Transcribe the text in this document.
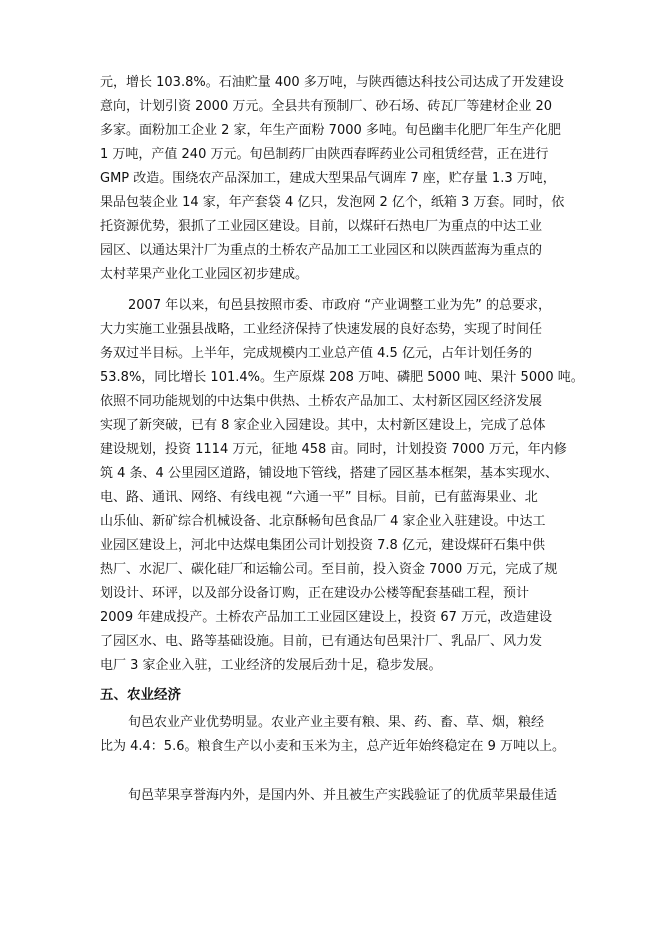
元，增长 103.8%。石油贮量 400 多万吨，与陕西德达科技公司达成了开发建设
意向，计划引资 2000 万元。全县共有预制厂、砂石场、砖瓦厂等建材企业 20
多家。面粉加工企业 2 家，年生产面粉 7000 多吨。旬邑幽丰化肥厂年生产化肥
1 万吨，产值 240 万元。旬邑制药厂由陕西春晖药业公司租赁经营，正在进行
GMP 改造。围绕农产品深加工，建成大型果品气调库 7 座，贮存量 1.3 万吨，
果品包装企业 14 家，年产套袋 4 亿只，发泡网 2 亿个，纸箱 3 万套。同时，依
托资源优势，狠抓了工业园区建设。目前，以煤矸石热电厂为重点的中达工业
园区、以通达果汁厂为重点的土桥农产品加工工业园区和以陕西蓝海为重点的
太村苹果产业化工业园区初步建成。
2007 年以来，旬邑县按照市委、市政府 “产业调整工业为先” 的总要求，
大力实施工业强县战略，工业经济保持了快速发展的良好态势，实现了时间任
务双过半目标。上半年，完成规模内工业总产值 4.5 亿元，占年计划任务的
53.8%，同比增长 101.4%。生产原煤 208 万吨、磷肥 5000 吨、果汁 5000 吨。
依照不同功能规划的中达集中供热、土桥农产品加工、太村新区园区经济发展
实现了新突破，已有 8 家企业入园建设。其中，太村新区建设上，完成了总体
建设规划，投资 1114 万元，征地 458 亩。同时，计划投资 7000 万元，年内修
筑 4 条、4 公里园区道路，铺设地下管线，搭建了园区基本框架，基本实现水、
电、路、通讯、网络、有线电视 “六通一平” 目标。目前，已有蓝海果业、北
山乐仙、新矿综合机械设备、北京酥畅旬邑食品厂 4 家企业入驻建设。中达工
业园区建设上，河北中达煤电集团公司计划投资 7.8 亿元，建设煤矸石集中供
热厂、水泥厂、碳化硅厂和运输公司。至目前，投入资金 7000 万元，完成了规
划设计、环评，以及部分设备订购，正在建设办公楼等配套基础工程，预计
2009 年建成投产。土桥农产品加工工业园区建设上，投资 67 万元，改造建设
了园区水、电、路等基础设施。目前，已有通达旬邑果汁厂、乳品厂、风力发
电厂 3 家企业入驻，工业经济的发展后劲十足，稳步发展。
五、农业经济
旬邑农业产业优势明显。农业产业主要有粮、果、药、畜、草、烟，粮经
比为 4.4：5.6。粮食生产以小麦和玉米为主，总产近年始终稳定在 9 万吨以上。
旬邑苹果享誉海内外，是国内外、并且被生产实践验证了的优质苹果最佳适
